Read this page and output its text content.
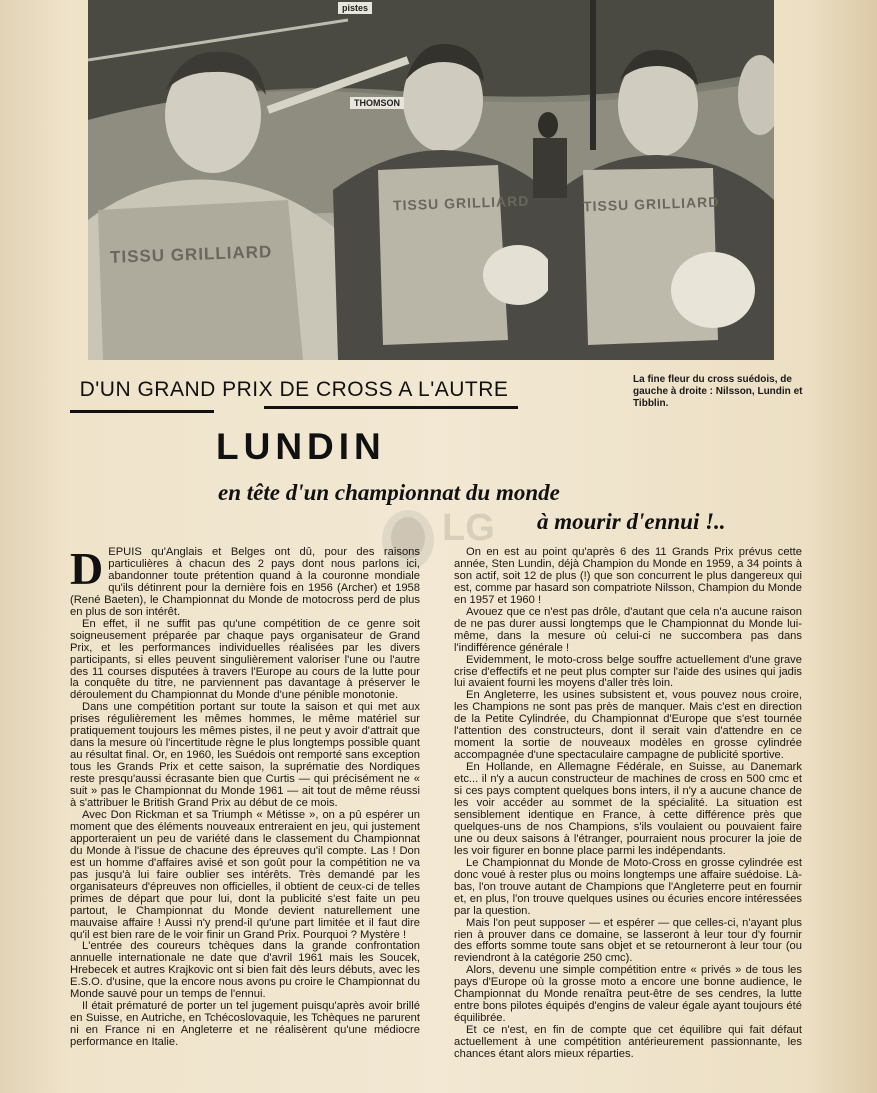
pistes
THOMSON
TISSU GRILLIARD
TISSU GRILLIARD	TISSU GRILLIARD
D'UN GRAND PRIX DE CROSS A L'AUTRE	La fine fleur du cross suédois, de gauche à droite : Nilsson, Lundin et Tibblin.
LUNDIN
en tête d'un championnat du monde
à mourir d'ennui !..
LG

DEPUIS qu'Anglais et Belges ont dû, pour des raisons particulières à chacun des 2 pays dont nous parlons ici, abandonner toute prétention quand à la couronne mondiale qu'ils détinrent pour la dernière fois en 1956 (Archer) et 1958 (René Baeten), le Championnat du Monde de motocross perd de plus en plus de son intérêt.

En effet, il ne suffit pas qu'une compétition de ce genre soit soigneusement préparée par chaque pays organisateur de Grand Prix, et les performances individuelles réalisées par les divers participants, si elles peuvent singulièrement valoriser l'une ou l'autre des 11 courses disputées à travers l'Europe au cours de la lutte pour la conquête du titre, ne parviennent pas davantage à préserver le déroulement du Championnat du Monde d'une pénible monotonie.

Dans une compétition portant sur toute la saison et qui met aux prises régulièrement les mêmes hommes, le même matériel sur pratiquement toujours les mêmes pistes, il ne peut y avoir d'attrait que dans la mesure où l'incertitude règne le plus longtemps possible quant au résultat final. Or, en 1960, les Suédois ont remporté sans exception tous les Grands Prix et cette saison, la suprématie des Nordiques reste presqu'aussi écrasante bien que Curtis — qui précisément ne « suit » pas le Championnat du Monde 1961 — ait tout de même réussi à s'attribuer le British Grand Prix au début de ce mois.

Avec Don Rickman et sa Triumph « Métisse », on a pû espérer un moment que des éléments nouveaux entreraient en jeu, qui justement apporteraient un peu de variété dans le classement du Championnat du Monde à l'issue de chacune des épreuves qu'il compte. Las ! Don est un homme d'affaires avisé et son goût pour la compétition ne va pas jusqu'à lui faire oublier ses intérêts. Très demandé par les organisateurs d'épreuves non officielles, il obtient de ceux-ci de telles primes de départ que pour lui, dont la publicité s'est faite un peu partout, le Championnat du Monde devient naturellement une mauvaise affaire ! Aussi n'y prend-il qu'une part limitée et il faut dire qu'il est bien rare de le voir finir un Grand Prix. Pourquoi ? Mystère !

L'entrée des coureurs tchèques dans la grande confrontation annuelle internationale ne date que d'avril 1961 mais les Soucek, Hrebecek et autres Krajkovic ont si bien fait dès leurs débuts, avec les E.S.O. d'usine, que la encore nous avons pu croire le Championnat du Monde sauvé pour un temps de l'ennui.

Il était prématuré de porter un tel jugement puisqu'après avoir brillé en Suisse, en Autriche, en Tchécoslovaquie, les Tchèques ne parurent ni en France ni en Angleterre et ne réalisèrent qu'une médiocre performance en Italie.

On en est au point qu'après 6 des 11 Grands Prix prévus cette année, Sten Lundin, déjà Champion du Monde en 1959, a 34 points à son actif, soit 12 de plus (!) que son concurrent le plus dangereux qui est, comme par hasard son compatriote Nilsson, Champion du Monde en 1957 et 1960 !

Avouez que ce n'est pas drôle, d'autant que cela n'a aucune raison de ne pas durer aussi longtemps que le Championnat du Monde lui-même, dans la mesure où celui-ci ne succombera pas dans l'indifférence générale !

Evidemment, le moto-cross belge souffre actuellement d'une grave crise d'effectifs et ne peut plus compter sur l'aide des usines qui jadis lui avaient fourni les moyens d'aller très loin.

En Angleterre, les usines subsistent et, vous pouvez nous croire, les Champions ne sont pas près de manquer. Mais c'est en direction de la Petite Cylindrée, du Championnat d'Europe que s'est tournée l'attention des constructeurs, dont il serait vain d'attendre en ce moment la sortie de nouveaux modèles en grosse cylindrée accompagnée d'une spectaculaire campagne de publicité sportive.

En Hollande, en Allemagne Fédérale, en Suisse, au Danemark etc... il n'y a aucun constructeur de machines de cross en 500 cmc et si ces pays comptent quelques bons inters, il n'y a aucune chance de les voir accéder au sommet de la spécialité. La situation est sensiblement identique en France, à cette différence près que quelques-uns de nos Champions, s'ils voulaient ou pouvaient faire une ou deux saisons à l'étranger, pourraient nous procurer la joie de les voir figurer en bonne place parmi les indépendants.

Le Championnat du Monde de Moto-Cross en grosse cylindrée est donc voué à rester plus ou moins longtemps une affaire suédoise. Là-bas, l'on trouve autant de Champions que l'Angleterre peut en fournir et, en plus, l'on trouve quelques usines ou écuries encore intéressées par la question.

Mais l'on peut supposer — et espérer — que celles-ci, n'ayant plus rien à prouver dans ce domaine, se lasseront à leur tour d'y fournir des efforts somme toute sans objet et se retourneront à leur tour (ou reviendront à la catégorie 250 cmc).

Alors, devenu une simple compétition entre « privés » de tous les pays d'Europe où la grosse moto a encore une bonne audience, le Championnat du Monde renaîtra peut-être de ses cendres, la lutte entre bons pilotes équipés d'engins de valeur égale ayant toujours été équilibrée.

Et ce n'est, en fin de compte que cet équilibre qui fait défaut actuellement à une compétition antérieurement passionnante, les chances étant alors mieux réparties.
